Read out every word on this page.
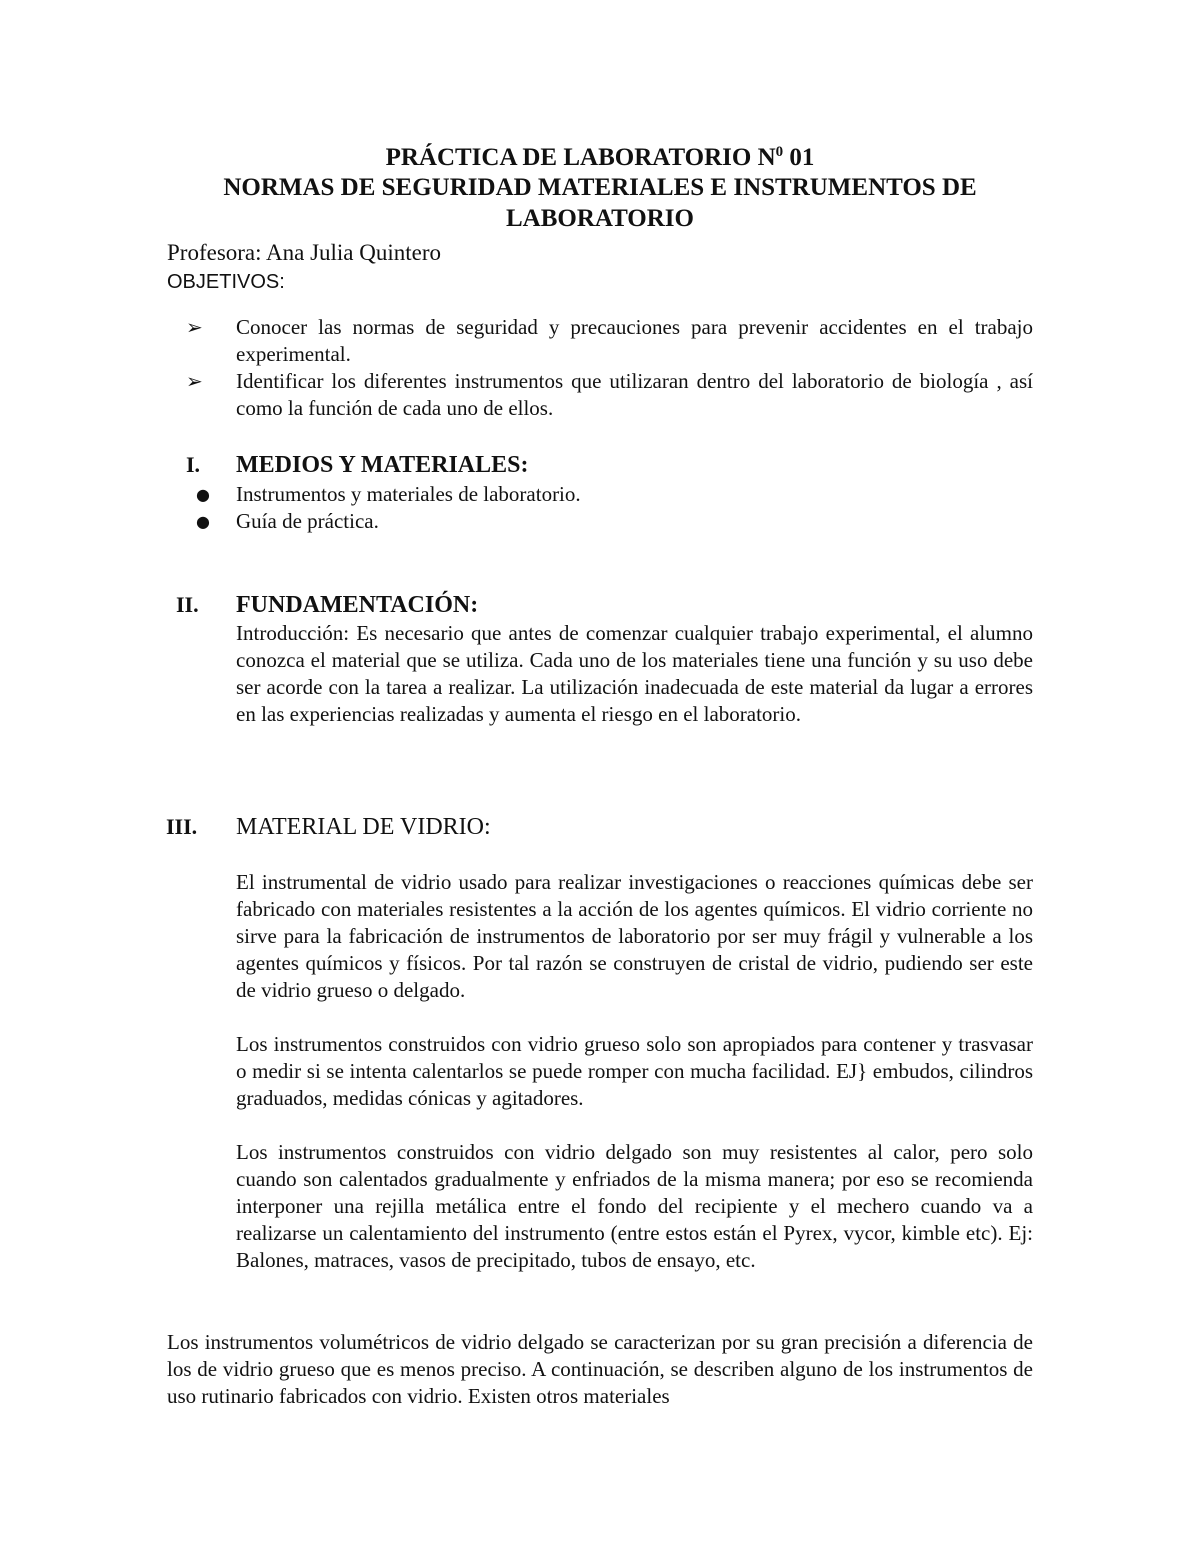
PRÁCTICA DE LABORATORIO $N^0$ 01
NORMAS DE SEGURIDAD MATERIALES E INSTRUMENTOS DE
LABORATORIO
Profesora: Ana Julia Quintero
OBJETIVOS:
➢ Conocer las normas de seguridad y precauciones para prevenir accidentes en el trabajo experimental.
➢ Identificar los diferentes instrumentos que utilizaran dentro del laboratorio de biología , así como la función de cada uno de ellos.
I. MEDIOS Y MATERIALES:
● Instrumentos y materiales de laboratorio.
● Guía de práctica.
II. FUNDAMENTACIÓN:
Introducción: Es necesario que antes de comenzar cualquier trabajo experimental, el alumno conozca el material que se utiliza. Cada uno de los materiales tiene una función y su uso debe ser acorde con la tarea a realizar. La utilización inadecuada de este material da lugar a errores en las experiencias realizadas y aumenta el riesgo en el laboratorio.
III. MATERIAL DE VIDRIO:
El instrumental de vidrio usado para realizar investigaciones o reacciones químicas debe ser fabricado con materiales resistentes a la acción de los agentes químicos. El vidrio corriente no sirve para la fabricación de instrumentos de laboratorio por ser muy frágil y vulnerable a los agentes químicos y físicos. Por tal razón se construyen de cristal de vidrio, pudiendo ser este de vidrio grueso o delgado.
Los instrumentos construidos con vidrio grueso solo son apropiados para contener y trasvasar o medir si se intenta calentarlos se puede romper con mucha facilidad. EJ} embudos, cilindros graduados, medidas cónicas y agitadores.
Los instrumentos construidos con vidrio delgado son muy resistentes al calor, pero solo cuando son calentados gradualmente y enfriados de la misma manera; por eso se recomienda interponer una rejilla metálica entre el fondo del recipiente y el mechero cuando va a realizarse un calentamiento del instrumento (entre estos están el Pyrex, vycor, kimble etc). Ej: Balones, matraces, vasos de precipitado, tubos de ensayo, etc.
Los instrumentos volumétricos de vidrio delgado se caracterizan por su gran precisión a diferencia de los de vidrio grueso que es menos preciso. A continuación, se describen alguno de los instrumentos de uso rutinario fabricados con vidrio. Existen otros materiales
